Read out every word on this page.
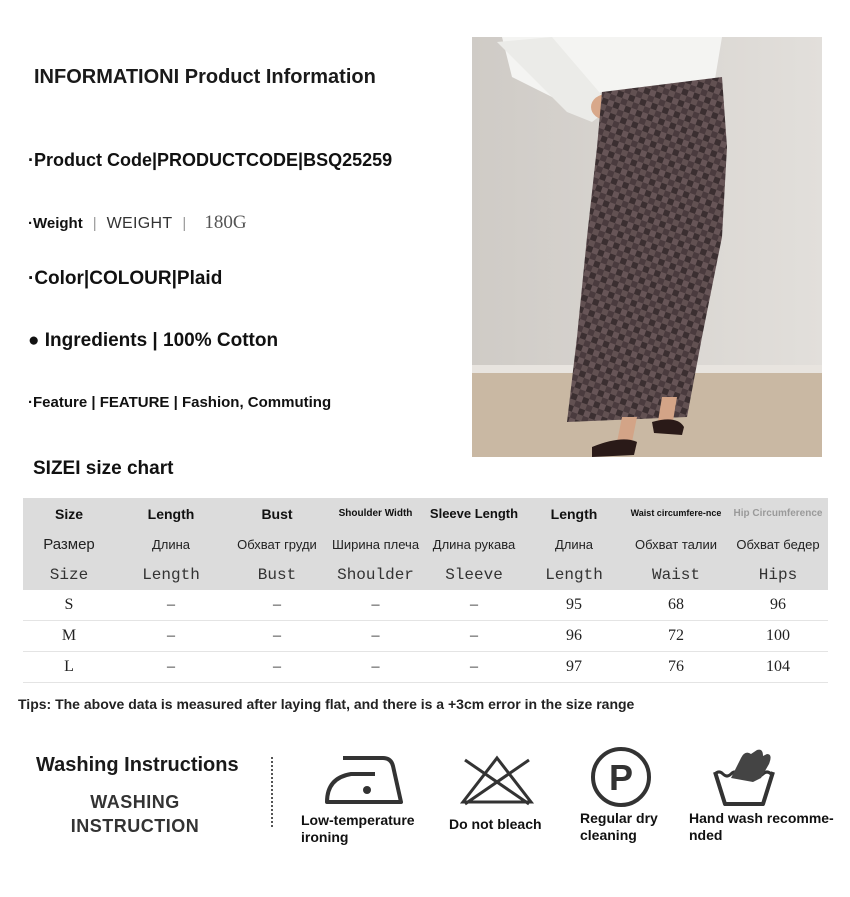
INFORMATIONI Product Information
·Product Code|PRODUCTCODE|BSQ25259
·Weight | WEIGHT | 180G
·Color|COLOUR|Plaid
● Ingredients | 100% Cotton
·Feature | FEATURE | Fashion, Commuting
SIZEI size chart
Size	Length	Bust	Shoulder Width	Sleeve Length	Length	Waist circumfere-nce	Hip Circumference
Размер	Длина	Обхват груди	Ширина плеча	Длина рукава	Длина	Обхват талии	Обхват бедер
Size	Length	Bust	Shoulder	Sleeve	Length	Waist	Hips
S	–	–	–	–	95	68	96
M	–	–	–	–	96	72	100
L	–	–	–	–	97	76	104
Tips: The above data is measured after laying flat, and there is a +3cm error in the size range
Washing Instructions
WASHING
INSTRUCTION	Low-temperature
ironing
Do not bleach
P
Regular dry
cleaning
Hand wash recomme-
nded
